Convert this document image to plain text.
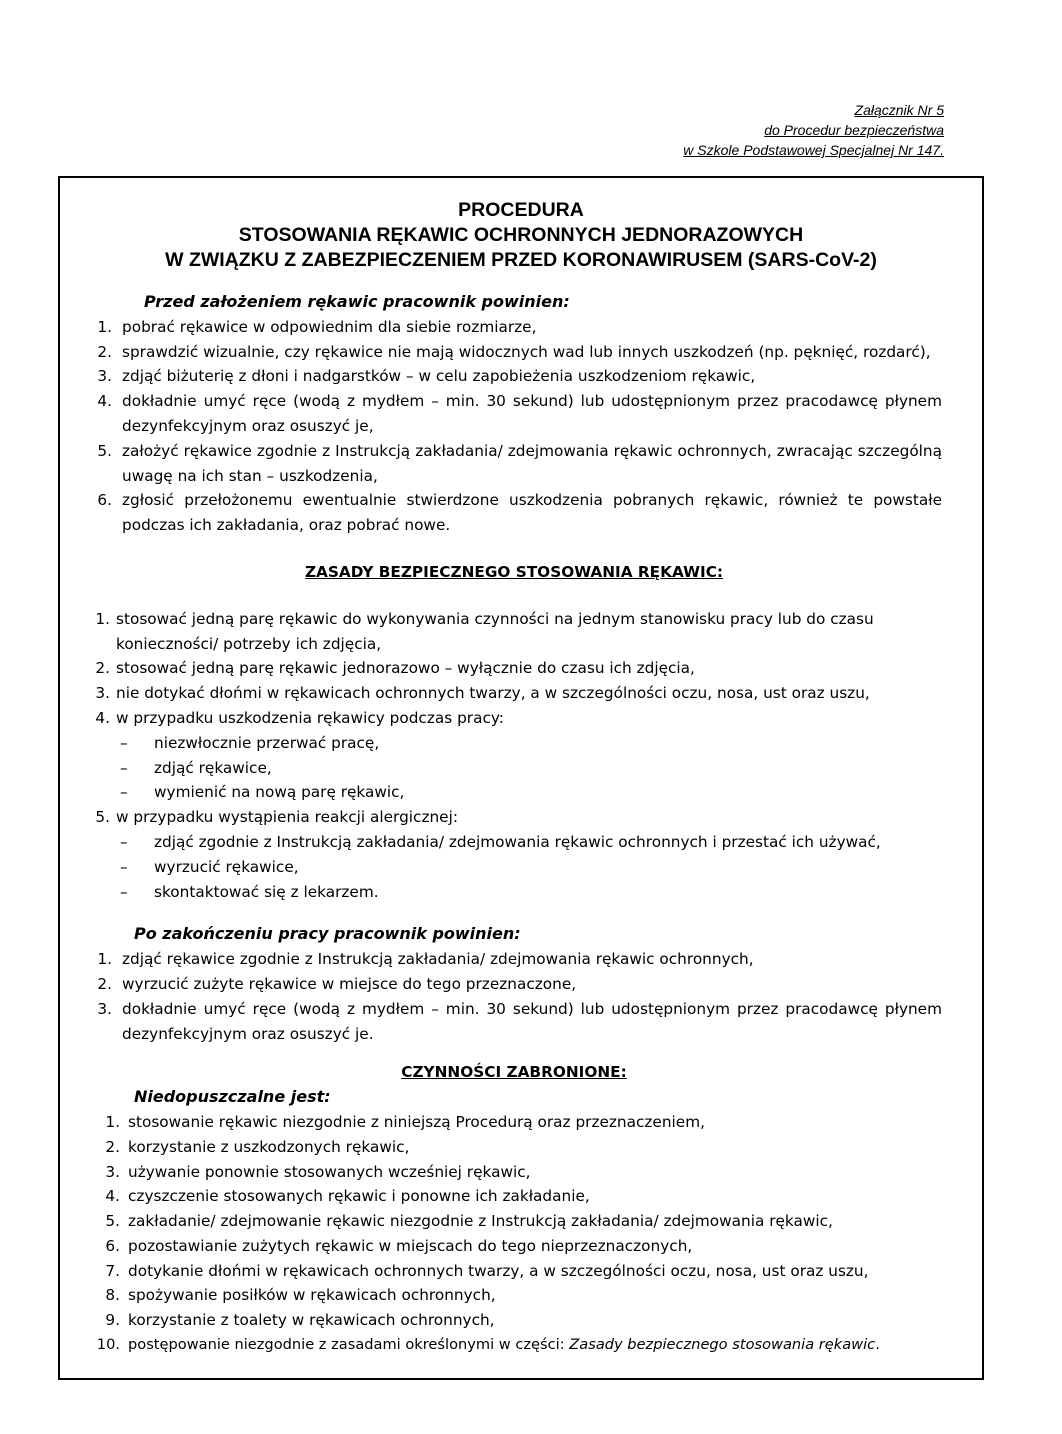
Załącznik Nr 5
do Procedur bezpieczeństwa
w Szkole Podstawowej Specjalnej Nr 147.
PROCEDURA
STOSOWANIA RĘKAWIC OCHRONNYCH JEDNORAZOWYCH
W ZWIĄZKU Z ZABEZPIECZENIEM PRZED KORONAWIRUSEM (SARS-CoV-2)

Przed założeniem rękawic pracownik powinien:

1. pobrać rękawice w odpowiednim dla siebie rozmiarze,
2. sprawdzić wizualnie, czy rękawice nie mają widocznych wad lub innych uszkodzeń (np. pęknięć, rozdarć),
3. zdjąć biżuterię z dłoni i nadgarstków – w celu zapobieżenia uszkodzeniom rękawic,
4. dokładnie umyć ręce (wodą z mydłem – min. 30 sekund) lub udostępnionym przez pracodawcę płynem dezynfekcyjnym oraz osuszyć je,
5. założyć rękawice zgodnie z Instrukcją zakładania/ zdejmowania rękawic ochronnych, zwracając szczególną uwagę na ich stan – uszkodzenia,
6. zgłosić przełożonemu ewentualnie stwierdzone uszkodzenia pobranych rękawic, również te powstałe podczas ich zakładania, oraz pobrać nowe.

ZASADY BEZPIECZNEGO STOSOWANIA RĘKAWIC:

1. stosować jedną parę rękawic do wykonywania czynności na jednym stanowisku pracy lub do czasu konieczności/ potrzeby ich zdjęcia,
2. stosować jedną parę rękawic jednorazowo – wyłącznie do czasu ich zdjęcia,
3. nie dotykać dłońmi w rękawicach ochronnych twarzy, a w szczególności oczu, nosa, ust oraz uszu,
4. w przypadku uszkodzenia rękawicy podczas pracy:
– niezwłocznie przerwać pracę,
– zdjąć rękawice,
– wymienić na nową parę rękawic,
5. w przypadku wystąpienia reakcji alergicznej:
– zdjąć zgodnie z Instrukcją zakładania/ zdejmowania rękawic ochronnych i przestać ich używać,
– wyrzucić rękawice,
– skontaktować się z lekarzem.

Po zakończeniu pracy pracownik powinien:

1. zdjąć rękawice zgodnie z Instrukcją zakładania/ zdejmowania rękawic ochronnych,
2. wyrzucić zużyte rękawice w miejsce do tego przeznaczone,
3. dokładnie umyć ręce (wodą z mydłem – min. 30 sekund) lub udostępnionym przez pracodawcę płynem dezynfekcyjnym oraz osuszyć je.

CZYNNOŚCI ZABRONIONE:

Niedopuszczalne jest:

1. stosowanie rękawic niezgodnie z niniejszą Procedurą oraz przeznaczeniem,
2. korzystanie z uszkodzonych rękawic,
3. używanie ponownie stosowanych wcześniej rękawic,
4. czyszczenie stosowanych rękawic i ponowne ich zakładanie,
5. zakładanie/ zdejmowanie rękawic niezgodnie z Instrukcją zakładania/ zdejmowania rękawic,
6. pozostawianie zużytych rękawic w miejscach do tego nieprzeznaczonych,
7. dotykanie dłońmi w rękawicach ochronnych twarzy, a w szczególności oczu, nosa, ust oraz uszu,
8. spożywanie posiłków w rękawicach ochronnych,
9. korzystanie z toalety w rękawicach ochronnych,
10. postępowanie niezgodnie z zasadami określonymi w części: Zasady bezpiecznego stosowania rękawic.
